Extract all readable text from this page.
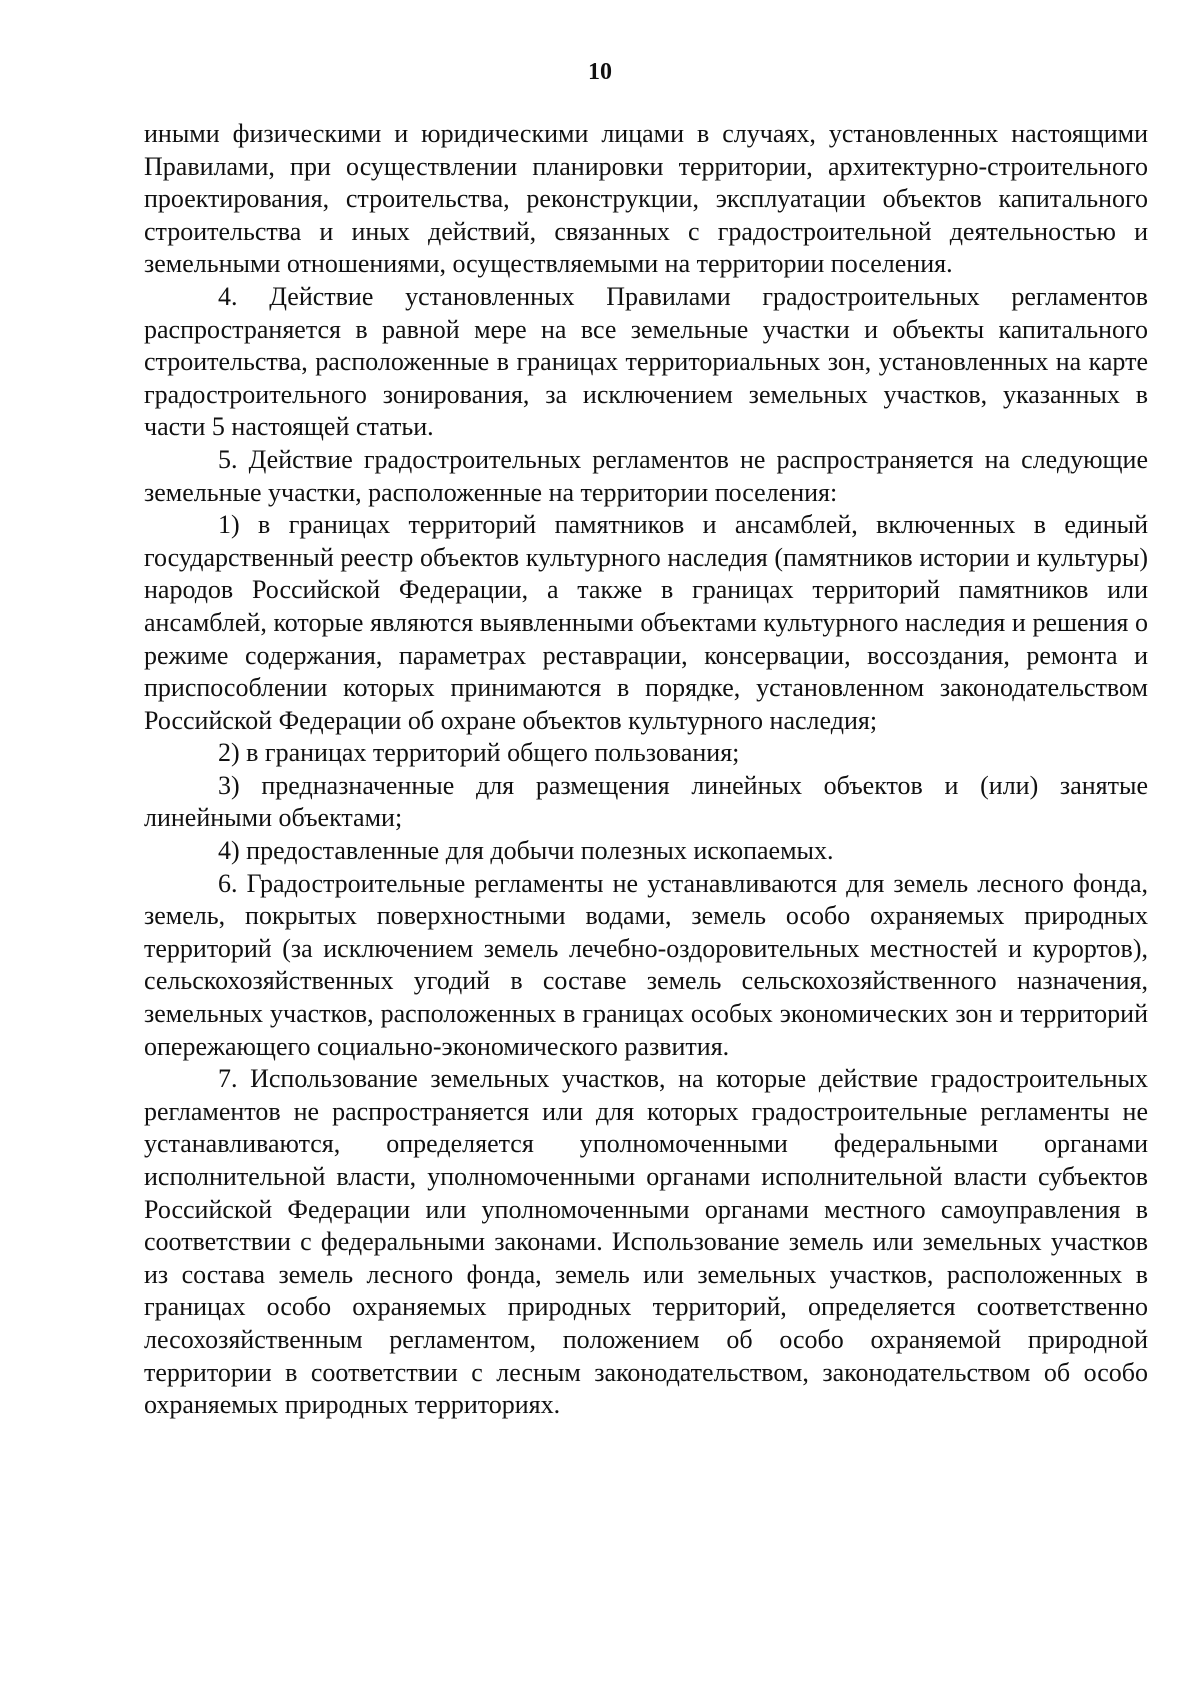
10

иными физическими и юридическими лицами в случаях, установленных настоящими Правилами, при осуществлении планировки территории, архитектурно-строительного проектирования, строительства, реконструкции, эксплуатации объектов капитального строительства и иных действий, связанных с градостроительной деятельностью и земельными отношениями, осуществляемыми на территории поселения.

4. Действие установленных Правилами градостроительных регламентов распространяется в равной мере на все земельные участки и объекты капитального строительства, расположенные в границах территориальных зон, установленных на карте градостроительного зонирования, за исключением земельных участков, указанных в части 5 настоящей статьи.

5. Действие градостроительных регламентов не распространяется на следующие земельные участки, расположенные на территории поселения:

1) в границах территорий памятников и ансамблей, включенных в единый государственный реестр объектов культурного наследия (памятников истории и культуры) народов Российской Федерации, а также в границах территорий памятников или ансамблей, которые являются выявленными объектами культурного наследия и решения о режиме содержания, параметрах реставрации, консервации, воссоздания, ремонта и приспособлении которых принимаются в порядке, установленном законодательством Российской Федерации об охране объектов культурного наследия;

2) в границах территорий общего пользования;

3) предназначенные для размещения линейных объектов и (или) занятые линейными объектами;

4) предоставленные для добычи полезных ископаемых.

6. Градостроительные регламенты не устанавливаются для земель лесного фонда, земель, покрытых поверхностными водами, земель особо охраняемых природных территорий (за исключением земель лечебно-оздоровительных местностей и курортов), сельскохозяйственных угодий в составе земель сельскохозяйственного назначения, земельных участков, расположенных в границах особых экономических зон и территорий опережающего социально-экономического развития.

7. Использование земельных участков, на которые действие градостроительных регламентов не распространяется или для которых градостроительные регламенты не устанавливаются, определяется уполномоченными федеральными органами исполнительной власти, уполномоченными органами исполнительной власти субъектов Российской Федерации или уполномоченными органами местного самоуправления в соответствии с федеральными законами. Использование земель или земельных участков из состава земель лесного фонда, земель или земельных участков, расположенных в границах особо охраняемых природных территорий, определяется соответственно лесохозяйственным регламентом, положением об особо охраняемой природной территории в соответствии с лесным законодательством, законодательством об особо охраняемых природных территориях.
